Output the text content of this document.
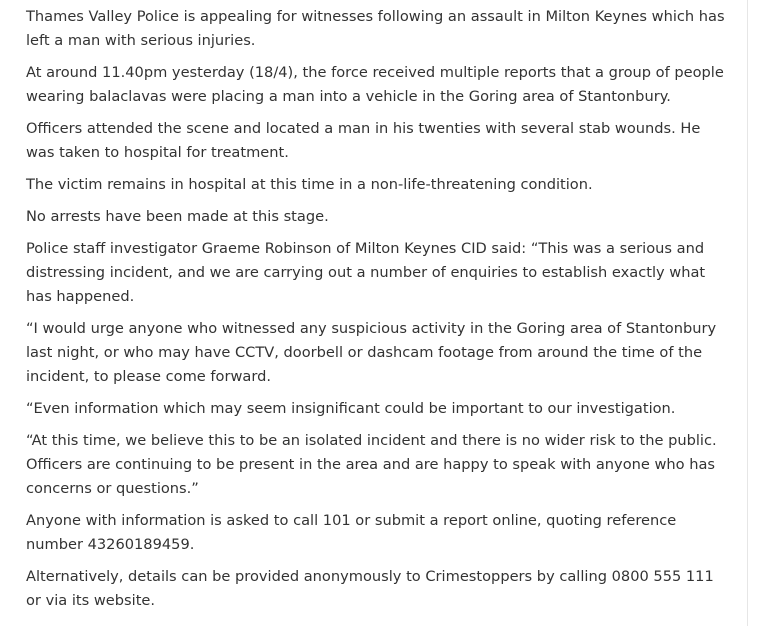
Thames Valley Police is appealing for witnesses following an assault in Milton Keynes which has left a man with serious injuries.

At around 11.40pm yesterday (18/4), the force received multiple reports that a group of people wearing balaclavas were placing a man into a vehicle in the Goring area of Stantonbury.

Officers attended the scene and located a man in his twenties with several stab wounds. He was taken to hospital for treatment.

The victim remains in hospital at this time in a non-life-threatening condition.

No arrests have been made at this stage.

Police staff investigator Graeme Robinson of Milton Keynes CID said: “This was a serious and distressing incident, and we are carrying out a number of enquiries to establish exactly what has happened.

“I would urge anyone who witnessed any suspicious activity in the Goring area of Stantonbury last night, or who may have CCTV, doorbell or dashcam footage from around the time of the incident, to please come forward.

“Even information which may seem insignificant could be important to our investigation.

“At this time, we believe this to be an isolated incident and there is no wider risk to the public. Officers are continuing to be present in the area and are happy to speak with anyone who has concerns or questions.”

Anyone with information is asked to call 101 or submit a report online, quoting reference number 43260189459.

Alternatively, details can be provided anonymously to Crimestoppers by calling 0800 555 111 or via its website.
